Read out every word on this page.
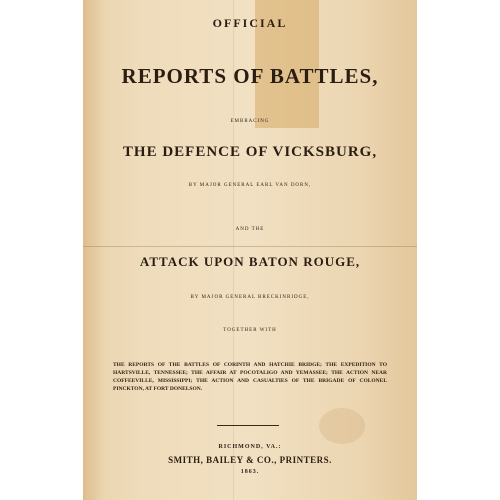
OFFICIAL
REPORTS OF BATTLES,
EMBRACING
THE DEFENCE OF VICKSBURG,
BY MAJOR GENERAL EARL VAN DORN,
AND THE
ATTACK UPON BATON ROUGE,
BY MAJOR GENERAL BRECKINRIDGE,
TOGETHER WITH
THE REPORTS OF THE BATTLES OF CORINTH AND HATCHIE BRIDGE; THE EXPEDITION TO HARTSVILLE, TENNESSEE; THE AFFAIR AT POCOTALIGO AND YEMASSEE; THE ACTION NEAR COFFEEVILLE, MISSISSIPPI; THE ACTION AND CASUALTIES OF THE BRIGADE OF COLONEL PINCKTON, AT FORT DONELSON.
RICHMOND, VA.:
SMITH, BAILEY & CO., PRINTERS.
1863.
